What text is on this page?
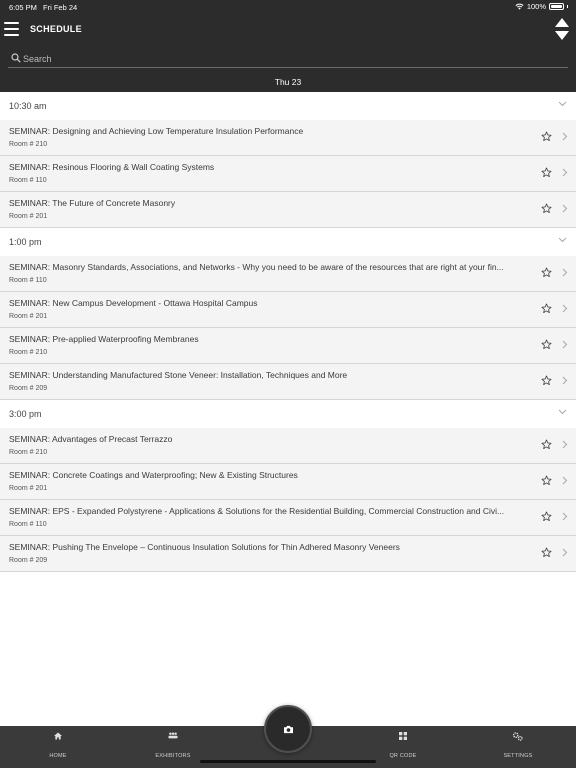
6:05 PM Fri Feb 24	100%
SCHEDULE
Search
Thu 23
10:30 am
SEMINAR: Designing and Achieving Low Temperature Insulation Performance
Room # 210
SEMINAR: Resinous Flooring & Wall Coating Systems
Room # 110
SEMINAR: The Future of Concrete Masonry
Room # 201
1:00 pm
SEMINAR: Masonry Standards, Associations, and Networks - Why you need to be aware of the resources that are right at your fin...
Room # 110
SEMINAR: New Campus Development - Ottawa Hospital Campus
Room # 201
SEMINAR: Pre-applied Waterproofing Membranes
Room # 210
SEMINAR: Understanding Manufactured Stone Veneer: Installation, Techniques and More
Room # 209
3:00 pm
SEMINAR: Advantages of Precast Terrazzo
Room # 210
SEMINAR: Concrete Coatings and Waterproofing; New & Existing Structures
Room # 201
SEMINAR: EPS - Expanded Polystyrene - Applications & Solutions for the Residential Building, Commercial Construction and Civi...
Room # 110
SEMINAR: Pushing The Envelope – Continuous Insulation Solutions for Thin Adhered Masonry Veneers
Room # 209
HOME	EXHIBITORS	QR CODE	SETTINGS
